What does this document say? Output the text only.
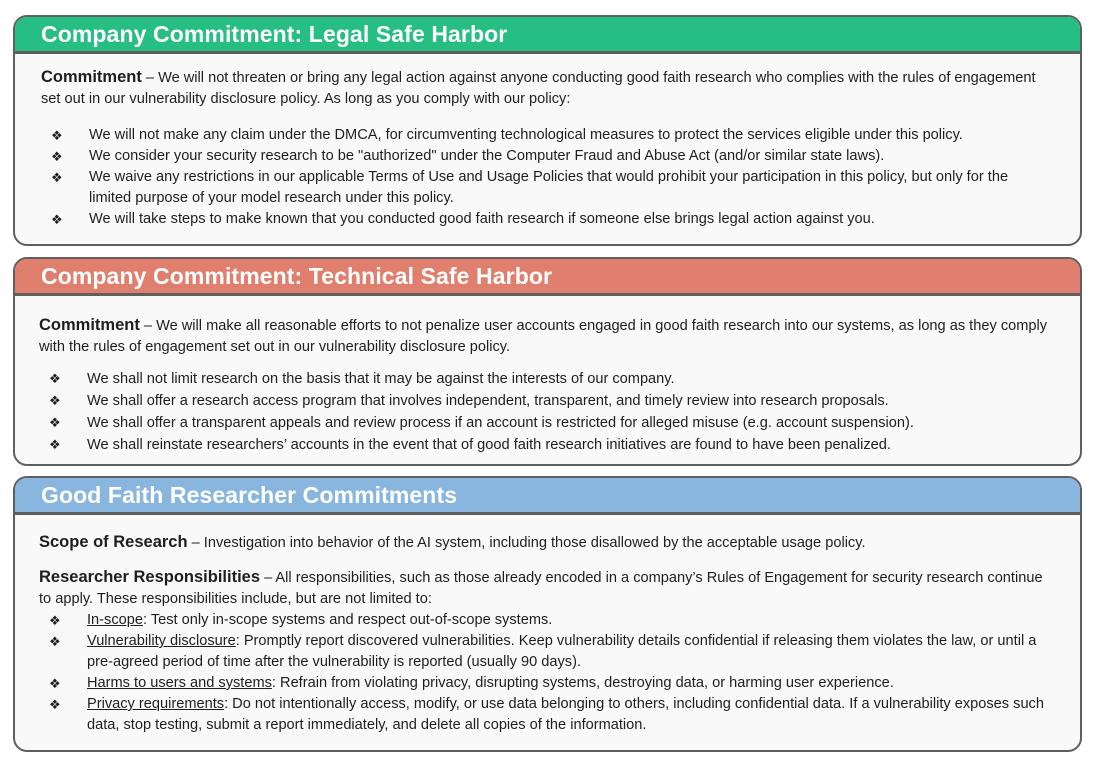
Company Commitment: Legal Safe Harbor

Commitment – We will not threaten or bring any legal action against anyone conducting good faith research who complies with the rules of engagement set out in our vulnerability disclosure policy. As long as you comply with our policy:

❖ We will not make any claim under the DMCA, for circumventing technological measures to protect the services eligible under this policy.
❖ We consider your security research to be "authorized" under the Computer Fraud and Abuse Act (and/or similar state laws).
❖ We waive any restrictions in our applicable Terms of Use and Usage Policies that would prohibit your participation in this policy, but only for the limited purpose of your model research under this policy.
❖ We will take steps to make known that you conducted good faith research if someone else brings legal action against you.
Company Commitment: Technical Safe Harbor

Commitment – We will make all reasonable efforts to not penalize user accounts engaged in good faith research into our systems, as long as they comply with the rules of engagement set out in our vulnerability disclosure policy.

❖ We shall not limit research on the basis that it may be against the interests of our company.
❖ We shall offer a research access program that involves independent, transparent, and timely review into research proposals.
❖ We shall offer a transparent appeals and review process if an account is restricted for alleged misuse (e.g. account suspension).
❖ We shall reinstate researchers’ accounts in the event that of good faith research initiatives are found to have been penalized.
Good Faith Researcher Commitments

Scope of Research – Investigation into behavior of the AI system, including those disallowed by the acceptable usage policy.

Researcher Responsibilities – All responsibilities, such as those already encoded in a company’s Rules of Engagement for security research continue to apply. These responsibilities include, but are not limited to:

❖ In-scope: Test only in-scope systems and respect out-of-scope systems.
❖ Vulnerability disclosure: Promptly report discovered vulnerabilities. Keep vulnerability details confidential if releasing them violates the law, or until a pre-agreed period of time after the vulnerability is reported (usually 90 days).
❖ Harms to users and systems: Refrain from violating privacy, disrupting systems, destroying data, or harming user experience.
❖ Privacy requirements: Do not intentionally access, modify, or use data belonging to others, including confidential data. If a vulnerability exposes such data, stop testing, submit a report immediately, and delete all copies of the information.
